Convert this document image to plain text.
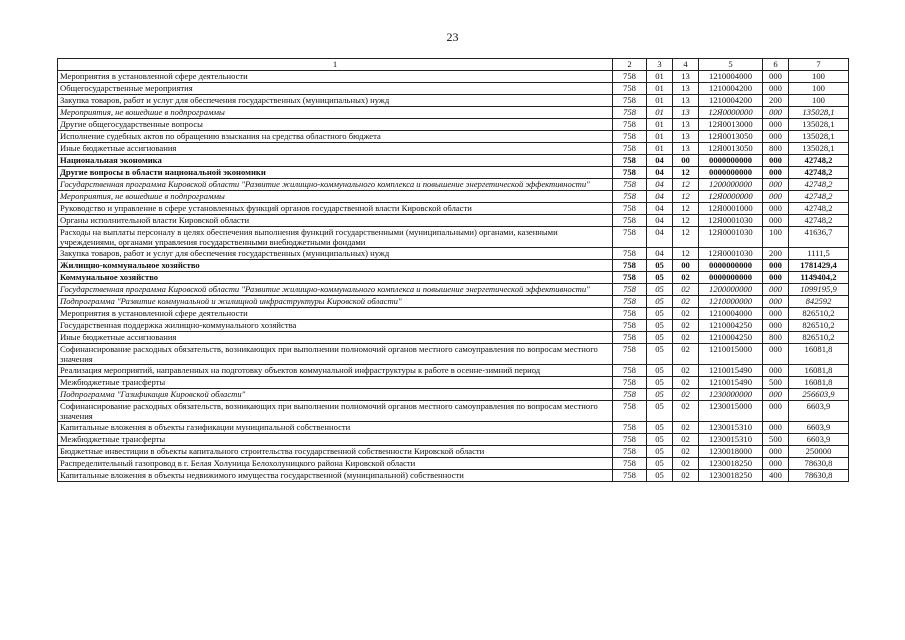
23
1	2	3	4	5	6	7
Мероприятия в установленной сфере деятельности	758	01	13	1210004000	000	100
Общегосударственные мероприятия	758	01	13	1210004200	000	100
Закупка товаров, работ и услуг для обеспечения государственных (муниципальных) нужд	758	01	13	1210004200	200	100
Мероприятия, не вошедшие в подпрограммы	758	01	13	12Я0000000	000	135028,1
Другие общегосударственные вопросы	758	01	13	12Я0013000	000	135028,1
Исполнение судебных актов по обращению взыскания на средства областного бюджета	758	01	13	12Я0013050	000	135028,1
Иные бюджетные ассигнования	758	01	13	12Я0013050	800	135028,1
Национальная экономика	758	04	00	0000000000	000	42748,2
Другие вопросы в области национальной экономики	758	04	12	0000000000	000	42748,2
Государственная программа Кировской области "Развитие жилищно-коммунального комплекса и повышение энергетической эффективности"	758	04	12	1200000000	000	42748,2
Мероприятия, не вошедшие в подпрограммы	758	04	12	12Я0000000	000	42748,2
Руководство и управление в сфере установленных функций органов государственной власти Кировской области	758	04	12	12Я0001000	000	42748,2
Органы исполнительной власти Кировской области	758	04	12	12Я0001030	000	42748,2
Расходы на выплаты персоналу в целях обеспечения выполнения функций государственными (муниципальными) органами, казенными учреждениями, органами управления государственными внебюджетными фондами	758	04	12	12Я0001030	100	41636,7
Закупка товаров, работ и услуг для обеспечения государственных (муниципальных) нужд	758	04	12	12Я0001030	200	1111,5
Жилищно-коммунальное хозяйство	758	05	00	0000000000	000	1781429,4
Коммунальное хозяйство	758	05	02	0000000000	000	1149404,2
Государственная программа Кировской области "Развитие жилищно-коммунального комплекса и повышение энергетической эффективности"	758	05	02	1200000000	000	1099195,9
Подпрограмма "Развитие коммунальной и жилищной инфраструктуры Кировской области"	758	05	02	1210000000	000	842592
Мероприятия в установленной сфере деятельности	758	05	02	1210004000	000	826510,2
Государственная поддержка жилищно-коммунального хозяйства	758	05	02	1210004250	000	826510,2
Иные бюджетные ассигнования	758	05	02	1210004250	800	826510,2
Софинансирование расходных обязательств, возникающих при выполнении полномочий органов местного самоуправления по вопросам местного значения	758	05	02	1210015000	000	16081,8
Реализация мероприятий, направленных на подготовку объектов коммунальной инфраструктуры к работе в осенне-зимний период	758	05	02	1210015490	000	16081,8
Межбюджетные трансферты	758	05	02	1210015490	500	16081,8
Подпрограмма "Газификация Кировской области"	758	05	02	1230000000	000	256603,9
Софинансирование расходных обязательств, возникающих при выполнении полномочий органов местного самоуправления по вопросам местного значения	758	05	02	1230015000	000	6603,9
Капитальные вложения в объекты газификации муниципальной собственности	758	05	02	1230015310	000	6603,9
Межбюджетные трансферты	758	05	02	1230015310	500	6603,9
Бюджетные инвестиции в объекты капитального строительства государственной собственности Кировской области	758	05	02	1230018000	000	250000
Распределительный газопровод в г. Белая Холуница Белохолуницкого района Кировской области	758	05	02	1230018250	000	78630,8
Капитальные вложения в объекты недвижимого имущества государственной (муниципальной) собственности	758	05	02	1230018250	400	78630,8
